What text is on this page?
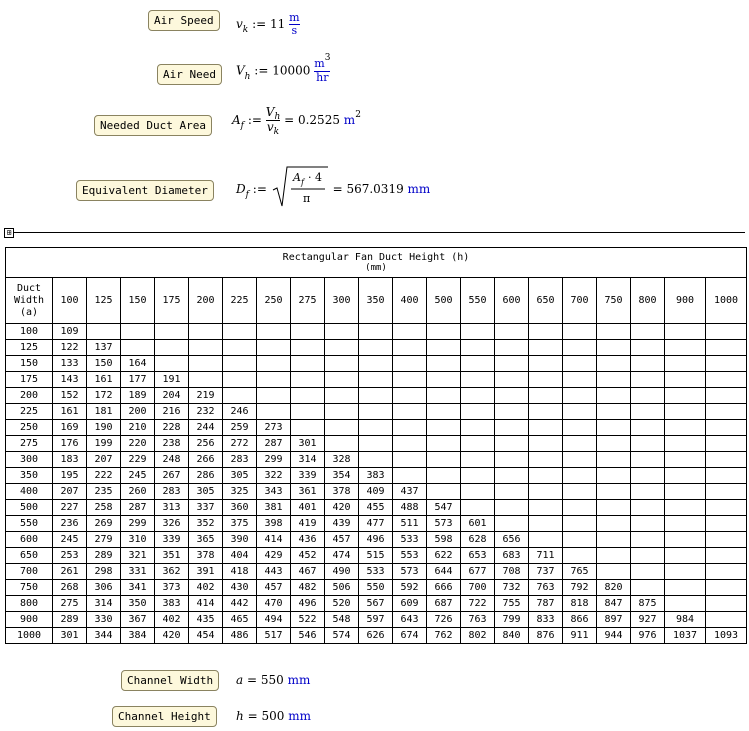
Air Speed	$v_k$ := $11 \frac{m}{s}$
Air Need	$V_h$ := $10000 \frac{m^3}{hr}$
Needed Duct Area	$A_f$ := $\frac{V_h}{v_k} = 0.2525$ $m^2$
Equivalent Diameter	$D_f$ :=
A f · 4
π
= 567.0319 mm
⊞
Rectangular Fan Duct Height (h)
(mm)																				

Duct
Width
(a)	100	125	150	175	200	225	250	275	300	350	400	500	550	600	650	700	750	800	900	1000
100	109																			
125	122	137																		
150	133	150	164																	
175	143	161	177	191																
200	152	172	189	204	219															
225	161	181	200	216	232	246														
250	169	190	210	228	244	259	273													
275	176	199	220	238	256	272	287	301												
300	183	207	229	248	266	283	299	314	328											
350	195	222	245	267	286	305	322	339	354	383										
400	207	235	260	283	305	325	343	361	378	409	437									
500	227	258	287	313	337	360	381	401	420	455	488	547								
550	236	269	299	326	352	375	398	419	439	477	511	573	601							
600	245	279	310	339	365	390	414	436	457	496	533	598	628	656						
650	253	289	321	351	378	404	429	452	474	515	553	622	653	683	711					
700	261	298	331	362	391	418	443	467	490	533	573	644	677	708	737	765				
750	268	306	341	373	402	430	457	482	506	550	592	666	700	732	763	792	820			
800	275	314	350	383	414	442	470	496	520	567	609	687	722	755	787	818	847	875		
900	289	330	367	402	435	465	494	522	548	597	643	726	763	799	833	866	897	927	984	
1000	301	344	384	420	454	486	517	546	574	626	674	762	802	840	876	911	944	976	1037	1093
Channel Width	a = 550 mm
Channel Height	h = 500 mm
